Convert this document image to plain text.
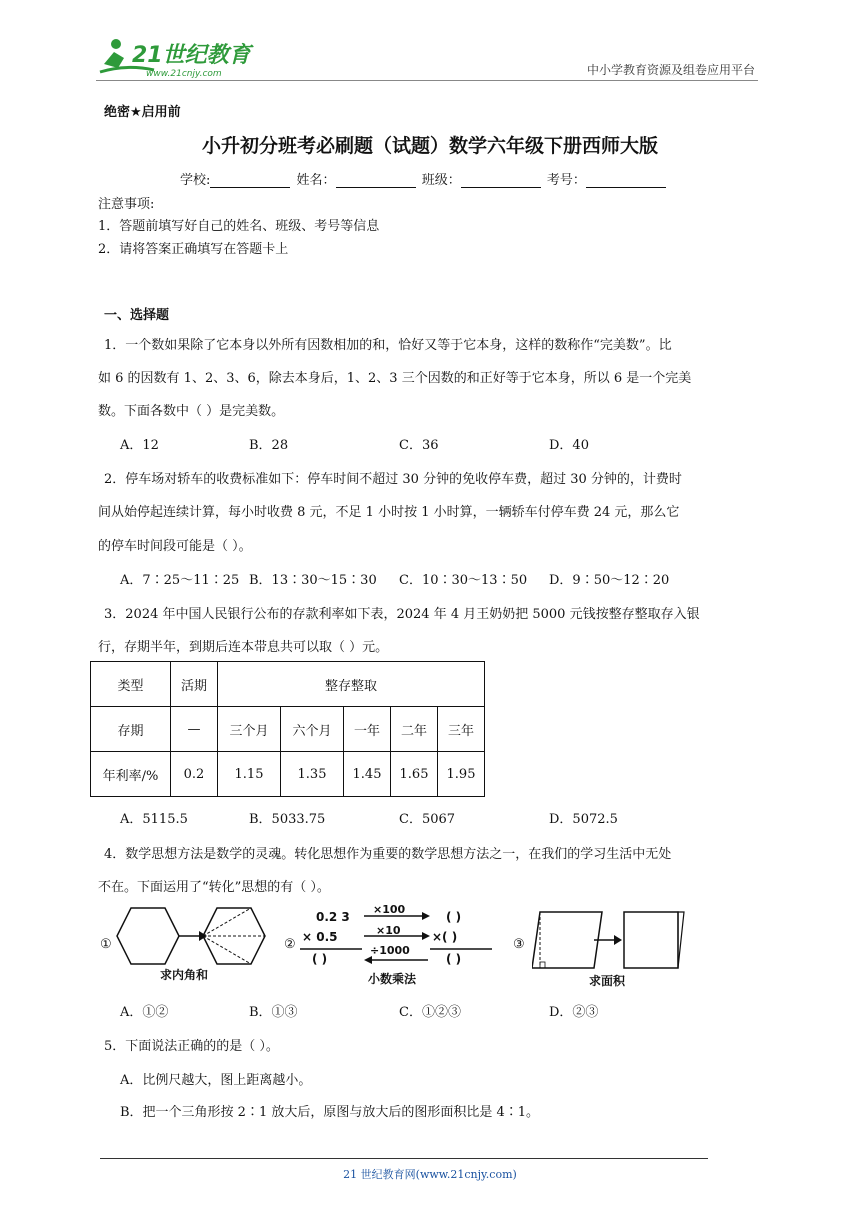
21世纪教育
www.21cnjy.com	中小学教育资源及组卷应用平台
绝密★启用前
小升初分班考必刷题（试题）数学六年级下册西师大版
学校:	姓名：	班级：	考号：
注意事项:
1．答题前填写好自己的姓名、班级、考号等信息
2．请将答案正确填写在答题卡上
一、选择题
1．一个数如果除了它本身以外所有因数相加的和，恰好又等于它本身，这样的数称作“完美数”。比
如 6 的因数有 1、2、3、6，除去本身后，1、2、3 三个因数的和正好等于它本身，所以 6 是一个完美
数。下面各数中（ ）是完美数。
A．12	B．28	C．36	D．40
2．停车场对轿车的收费标准如下：停车时间不超过 30 分钟的免收停车费，超过 30 分钟的，计费时
间从始停起连续计算，每小时收费 8 元，不足 1 小时按 1 小时算，一辆轿车付停车费 24 元，那么它
的停车时间段可能是（ ）。
A．7∶25～11∶25 B．13∶30～15∶30 C．10∶30～13∶50 D．9∶50～12∶20
3．2024 年中国人民银行公布的存款利率如下表，2024 年 4 月王奶奶把 5000 元钱按整存整取存入银
行，存期半年，到期后连本带息共可以取（ ）元。
类型	活期	整存整取				
存期	—	三个月	六个月	一年	二年	三年
年利率/%	0.2	1.15	1.35	1.45	1.65	1.95
A．5115.5	B．5033.75	C．5067	D．5072.5
4．数学思想方法是数学的灵魂。转化思想作为重要的数学思想方法之一，在我们的学习生活中无处
不在。下面运用了“转化”思想的有（ ）。
①
求内角和
②
0.2 3
× 0.5
( )
×100
×10
÷1000
( )
×( )
( )
小数乘法
③
求面积
A．①②	B．①③	C．①②③	D．②③
5．下面说法正确的的是（ ）。
A．比例尺越大，图上距离越小。
B．把一个三角形按 2∶1 放大后，原图与放大后的图形面积比是 4∶1。
21 世纪教育网(www.21cnjy.com)
